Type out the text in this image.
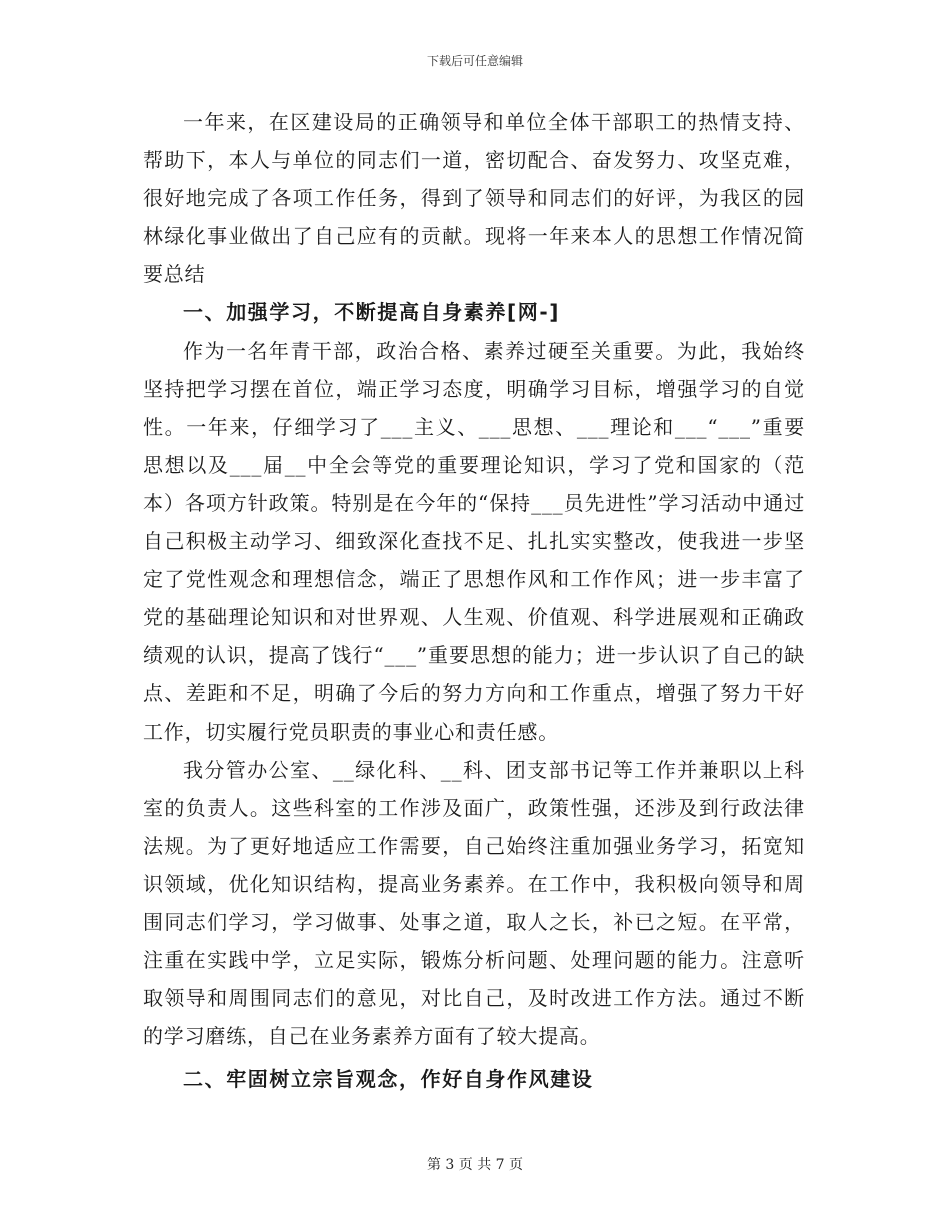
下载后可任意编辑

一年来，在区建设局的正确领导和单位全体干部职工的热情支持、帮助下，本人与单位的同志们一道，密切配合、奋发努力、攻坚克难，很好地完成了各项工作任务，得到了领导和同志们的好评，为我区的园林绿化事业做出了自己应有的贡献。现将一年来本人的思想工作情况简要总结

一、加强学习，不断提高自身素养[网-]

作为一名年青干部，政治合格、素养过硬至关重要。为此，我始终坚持把学习摆在首位，端正学习态度，明确学习目标，增强学习的自觉性。一年来，仔细学习了___主义、___思想、___理论和___“___”重要思想以及___届__中全会等党的重要理论知识，学习了党和国家的（范本）各项方针政策。特别是在今年的“保持___员先进性”学习活动中通过自己积极主动学习、细致深化查找不足、扎扎实实整改，使我进一步坚定了党性观念和理想信念，端正了思想作风和工作作风；进一步丰富了党的基础理论知识和对世界观、人生观、价值观、科学进展观和正确政绩观的认识，提高了饯行“___”重要思想的能力；进一步认识了自己的缺点、差距和不足，明确了今后的努力方向和工作重点，增强了努力干好工作，切实履行党员职责的事业心和责任感。

我分管办公室、__绿化科、__科、团支部书记等工作并兼职以上科室的负责人。这些科室的工作涉及面广，政策性强，还涉及到行政法律法规。为了更好地适应工作需要，自己始终注重加强业务学习，拓宽知识领域，优化知识结构，提高业务素养。在工作中，我积极向领导和周围同志们学习，学习做事、处事之道，取人之长，补已之短。在平常，注重在实践中学，立足实际，锻炼分析问题、处理问题的能力。注意听取领导和周围同志们的意见，对比自己，及时改进工作方法。通过不断的学习磨练，自己在业务素养方面有了较大提高。

二、牢固树立宗旨观念，作好自身作风建设

第 3 页 共 7 页
